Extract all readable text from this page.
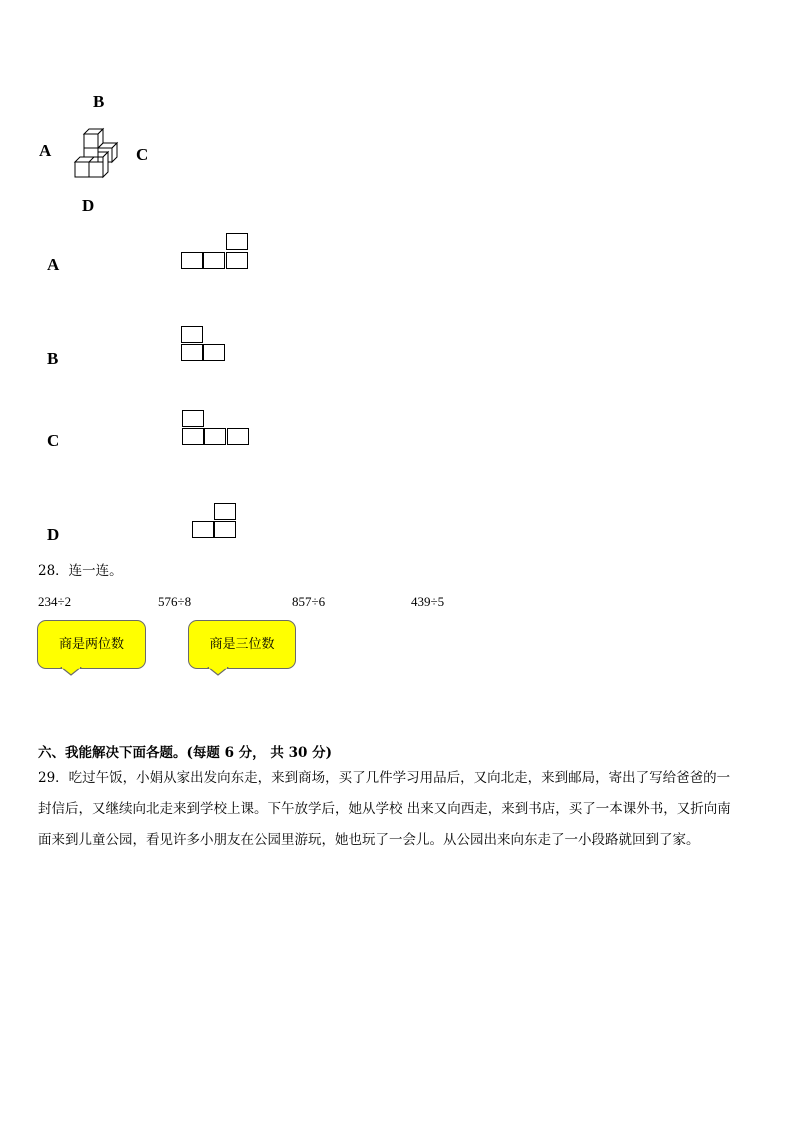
B
A	C
D
A
B
C
D
28．连一连。
234÷2	576÷8	857÷6	439÷5
商是两位数	商是三位数
六、我能解决下面各题。(每题 6 分， 共 30 分)
29．吃过午饭，小娟从家出发向东走，来到商场，买了几件学习用品后，又向北走，来到邮局，寄出了写给爸爸的一
封信后，又继续向北走来到学校上课。下午放学后，她从学校 出来又向西走，来到书店，买了一本课外书，又折向南
面来到儿童公园，看见许多小朋友在公园里游玩，她也玩了一会儿。从公园出来向东走了一小段路就回到了家。
